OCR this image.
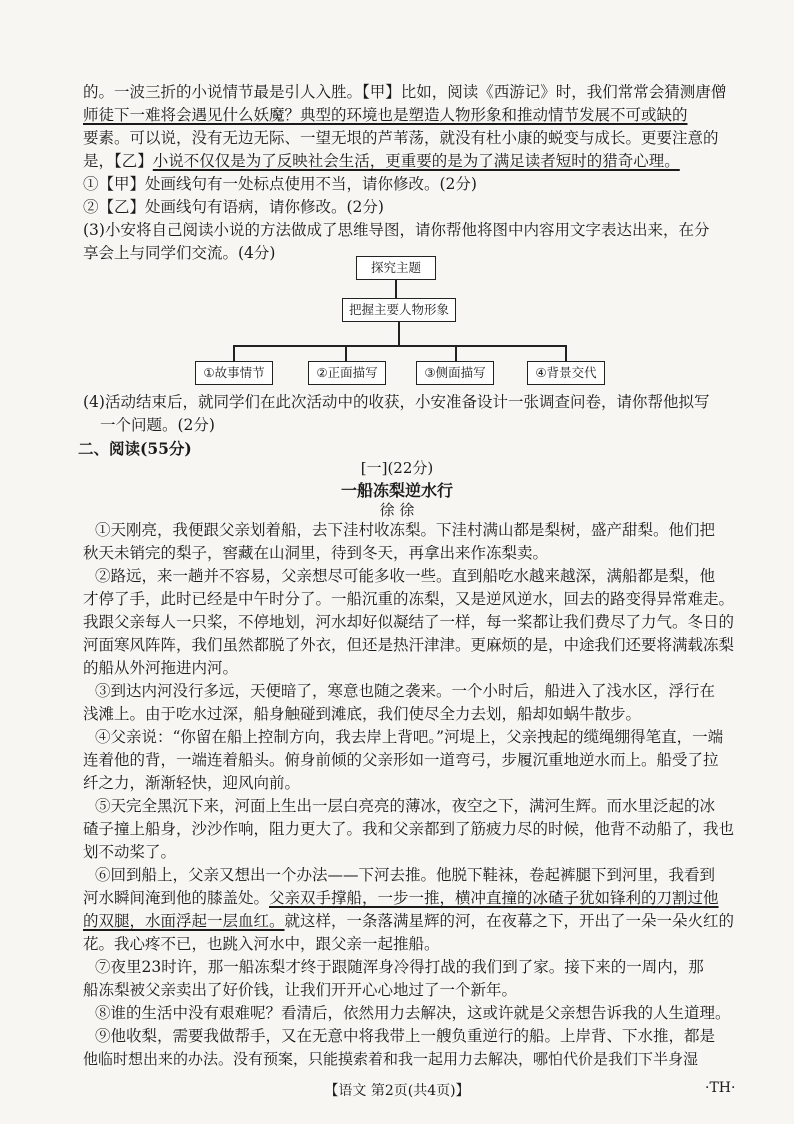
的。一波三折的小说情节最是引人入胜。【甲】比如，阅读《西游记》时，我们常常会猜测唐僧
师徒下一难将会遇见什么妖魔？典型的环境也是塑造人物形象和推动情节发展不可或缺的
要素。可以说，没有无边无际、一望无垠的芦苇荡，就没有杜小康的蜕变与成长。更要注意的
是，【乙】小说不仅仅是为了反映社会生活，更重要的是为了满足读者短时的猎奇心理。
①【甲】处画线句有一处标点使用不当，请你修改。(2分)
②【乙】处画线句有语病，请你修改。(2分)
(3)小安将自己阅读小说的方法做成了思维导图，请你帮他将图中内容用文字表达出来，在分
享会上与同学们交流。(4分)
探究主题
把握主要人物形象
①故事情节	②正面描写	③侧面描写	④背景交代
(4)活动结束后，就同学们在此次活动中的收获，小安准备设计一张调查问卷，请你帮他拟写
一个问题。(2分)
二、阅读(55分)
[一](22分)
一船冻梨逆水行
徐 徐
①天刚亮，我便跟父亲划着船，去下洼村收冻梨。下洼村满山都是梨树，盛产甜梨。他们把
秋天未销完的梨子，窖藏在山洞里，待到冬天，再拿出来作冻梨卖。
②路远，来一趟并不容易，父亲想尽可能多收一些。直到船吃水越来越深，满船都是梨，他
才停了手，此时已经是中午时分了。一船沉重的冻梨，又是逆风逆水，回去的路变得异常难走。
我跟父亲每人一只桨，不停地划，河水却好似凝结了一样，每一桨都让我们费尽了力气。冬日的
河面寒风阵阵，我们虽然都脱了外衣，但还是热汗津津。更麻烦的是，中途我们还要将满载冻梨
的船从外河拖进内河。
③到达内河没行多远，天便暗了，寒意也随之袭来。一个小时后，船进入了浅水区，浮行在
浅滩上。由于吃水过深，船身触碰到滩底，我们使尽全力去划，船却如蜗牛散步。
④父亲说：“你留在船上控制方向，我去岸上背吧。”河堤上，父亲拽起的缆绳绷得笔直，一端
连着他的背，一端连着船头。俯身前倾的父亲形如一道弯弓，步履沉重地逆水而上。船受了拉
纤之力，渐渐轻快，迎风向前。
⑤天完全黑沉下来，河面上生出一层白亮亮的薄冰，夜空之下，满河生辉。而水里泛起的冰
碴子撞上船身，沙沙作响，阻力更大了。我和父亲都到了筋疲力尽的时候，他背不动船了，我也
划不动桨了。
⑥回到船上，父亲又想出一个办法——下河去推。他脱下鞋袜，卷起裤腿下到河里，我看到
河水瞬间淹到他的膝盖处。父亲双手撑船，一步一推，横冲直撞的冰碴子犹如锋利的刀割过他
的双腿，水面浮起一层血红。就这样，一条落满星辉的河，在夜幕之下，开出了一朵一朵火红的
花。我心疼不已，也跳入河水中，跟父亲一起推船。
⑦夜里23时许，那一船冻梨才终于跟随浑身冷得打战的我们到了家。接下来的一周内，那
船冻梨被父亲卖出了好价钱，让我们开开心心地过了一个新年。
⑧谁的生活中没有艰难呢？看清后，依然用力去解决，这或许就是父亲想告诉我的人生道理。
⑨他收梨，需要我做帮手，又在无意中将我带上一艘负重逆行的船。上岸背、下水推，都是
他临时想出来的办法。没有预案，只能摸索着和我一起用力去解决，哪怕代价是我们下半身湿
【语文 第2页(共4页)】	·TH·
